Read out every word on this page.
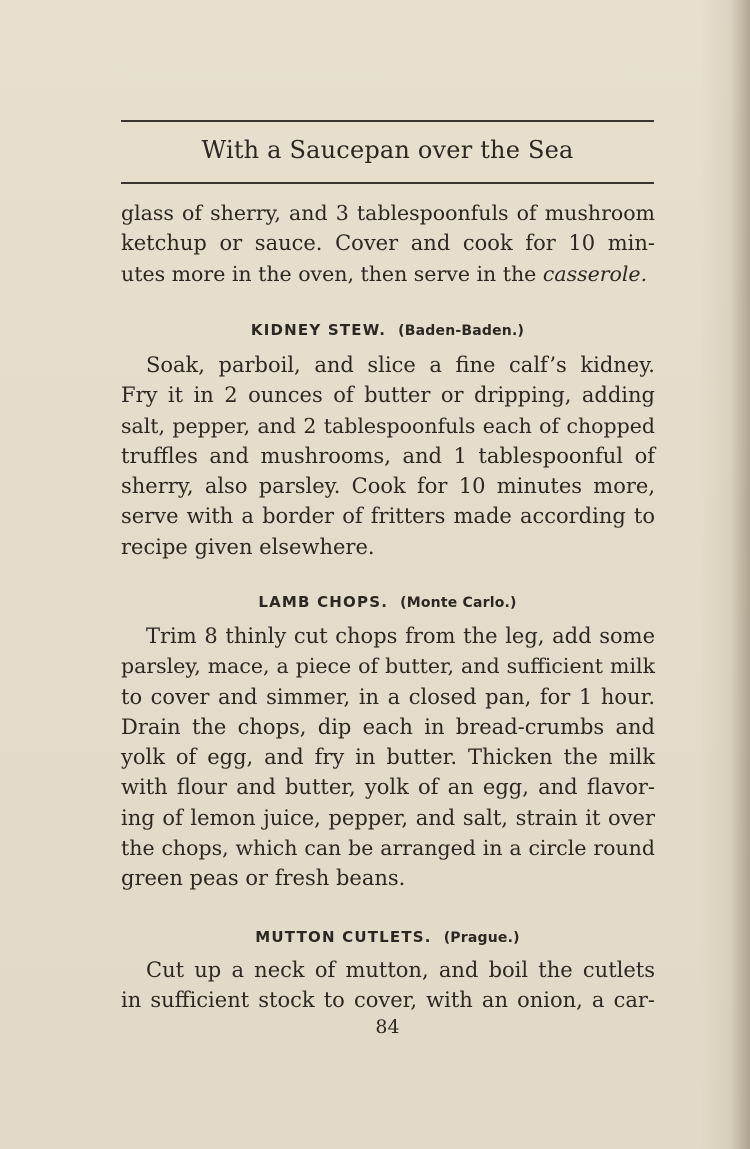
With a Saucepan over the Sea
glass of sherry, and 3 tablespoonfuls of mushroom
ketchup or sauce. Cover and cook for 10 min-
utes more in the oven, then serve in the casserole.
KIDNEY STEW. (Baden-Baden.)
Soak, parboil, and slice a fine calf’s kidney.
Fry it in 2 ounces of butter or dripping, adding
salt, pepper, and 2 tablespoonfuls each of chopped
truffles and mushrooms, and 1 tablespoonful of
sherry, also parsley. Cook for 10 minutes more,
serve with a border of fritters made according to
recipe given elsewhere.
LAMB CHOPS. (Monte Carlo.)
Trim 8 thinly cut chops from the leg, add some
parsley, mace, a piece of butter, and sufficient milk
to cover and simmer, in a closed pan, for 1 hour.
Drain the chops, dip each in bread-crumbs and
yolk of egg, and fry in butter. Thicken the milk
with flour and butter, yolk of an egg, and flavor-
ing of lemon juice, pepper, and salt, strain it over
the chops, which can be arranged in a circle round
green peas or fresh beans.
MUTTON CUTLETS. (Prague.)
Cut up a neck of mutton, and boil the cutlets
in sufficient stock to cover, with an onion, a car-
84
